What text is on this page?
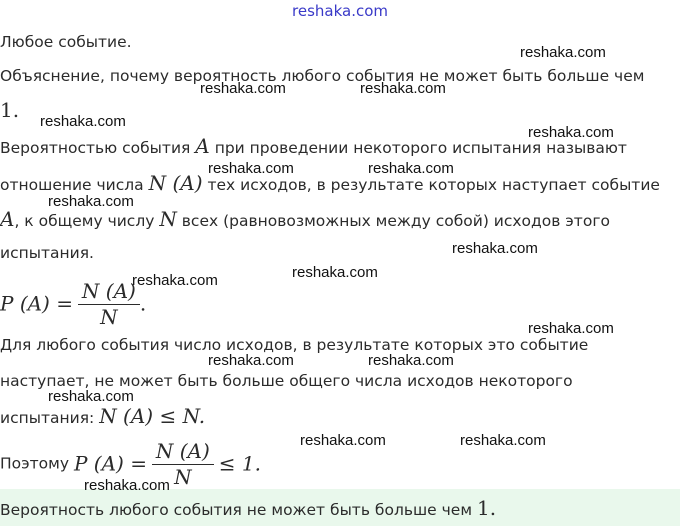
reshaka.com
Любое событие.
Объяснение, почему вероятность любого события не может быть больше чем
1.
Вероятностью события A при проведении некоторого испытания называют
отношение числа N (A) тех исходов, в результате которых наступает событие
A, к общему числу N всех (равновозможных между собой) исходов этого
испытания.
P $(A) = \frac{N (A)}{N}$ .
Для любого события число исходов, в результате которых это событие
наступает, не может быть больше общего числа исходов некоторого
испытания: N (A) ≤ N.
Поэтому P $(A) = \frac{N (A)}{N} \le 1$.
Вероятность любого события не может быть больше чем 1.
reshaka.com
reshaka.com	reshaka.com
reshaka.com
reshaka.com
reshaka.com	reshaka.com
reshaka.com
reshaka.com
reshaka.com
reshaka.com
reshaka.com
reshaka.com	reshaka.com
reshaka.com
reshaka.com	reshaka.com
reshaka.com
